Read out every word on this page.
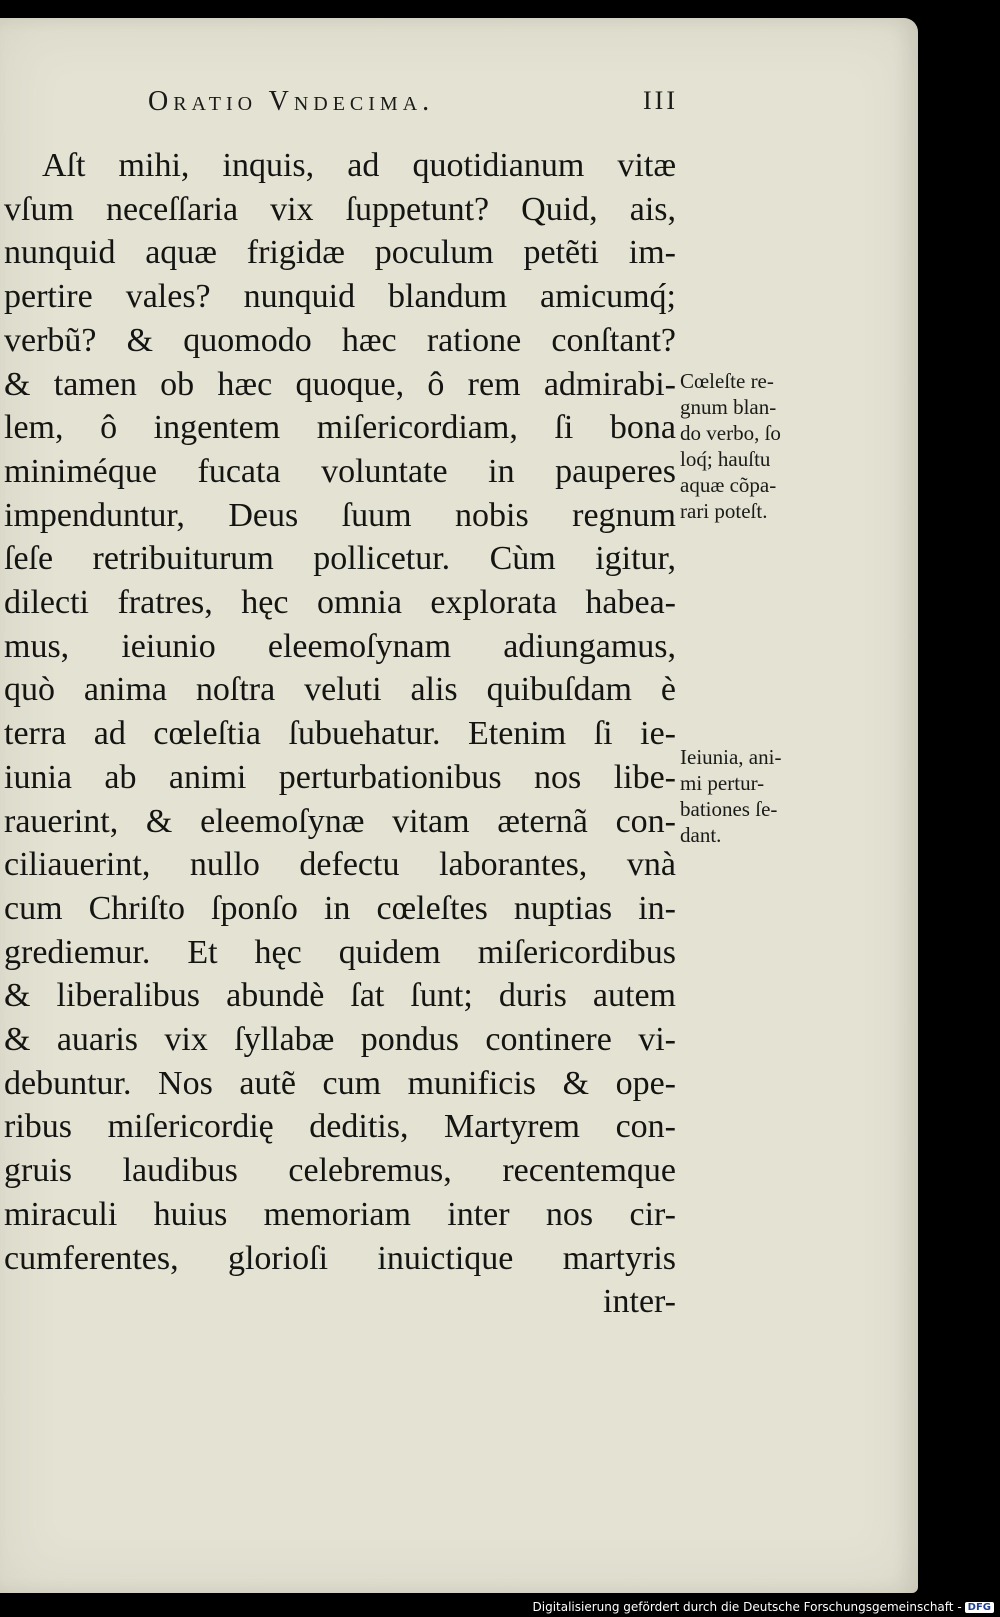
Oratio Vndecima.	III
Aſt mihi, inquis, ad quotidianum vitæ
vſum neceſſaria vix ſuppetunt? Quid, ais,
nunquid aquæ frigidæ poculum petẽti im-
pertire vales? nunquid blandum amicumq́;
verbũ? & quomodo hæc ratione conſtant?
& tamen ob hæc quoque, ô rem admirabi-
lem, ô ingentem miſericordiam, ſi bona
miniméque fucata voluntate in pauperes
impenduntur, Deus ſuum nobis regnum
ſeſe retribuiturum pollicetur. Cùm igitur,
dilecti fratres, hęc omnia explorata habea-
mus, ieiunio eleemoſynam adiungamus,
quò anima noſtra veluti alis quibuſdam è
terra ad cœleſtia ſubuehatur. Etenim ſi ie-
iunia ab animi perturbationibus nos libe-
rauerint, & eleemoſynæ vitam æternã con-
ciliauerint, nullo defectu laborantes, vnà
cum Chriſto ſponſo in cœleſtes nuptias in-
grediemur. Et hęc quidem miſericordibus
& liberalibus abundè ſat ſunt; duris autem
& auaris vix ſyllabæ pondus continere vi-
debuntur. Nos autẽ cum munificis & ope-
ribus miſericordię deditis, Martyrem con-
gruis laudibus celebremus, recentemque
miraculi huius memoriam inter nos cir-
cumferentes, glorioſi inuictique martyris
inter-
Cœleſte re-
gnum blan-
do verbo, ſo
loq́; hauſtu
aquæ cõpa-
rari poteſt.
Ieiunia, ani-
mi pertur-
bationes ſe-
dant.
Digitalisierung gefördert durch die Deutsche Forschungsgemeinschaft - DFG
